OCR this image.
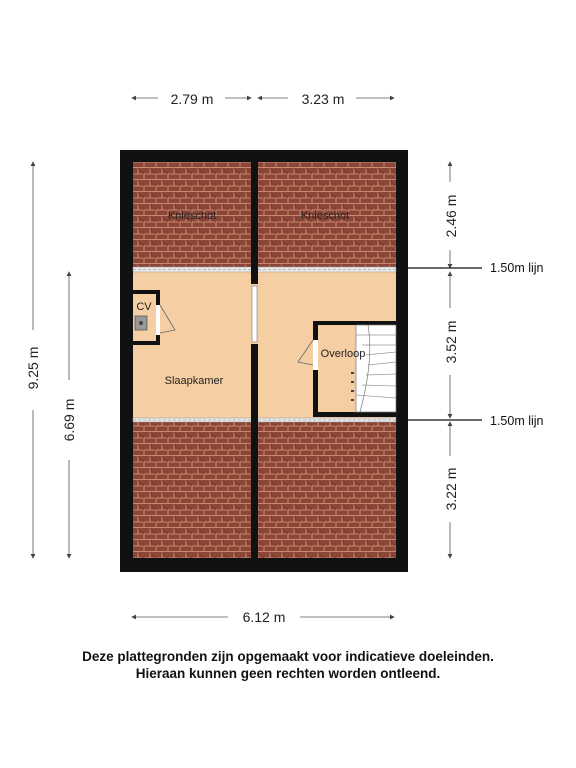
Knieschot	Knieschot
CV
Slaapkamer
Overloop
2.79 m	3.23 m
6.12 m
9.25 m
6.69 m
2.46 m
3.52 m
3.22 m
1.50m lijn
1.50m lijn
Deze plattegronden zijn opgemaakt voor indicatieve doeleinden.
Hieraan kunnen geen rechten worden ontleend.
